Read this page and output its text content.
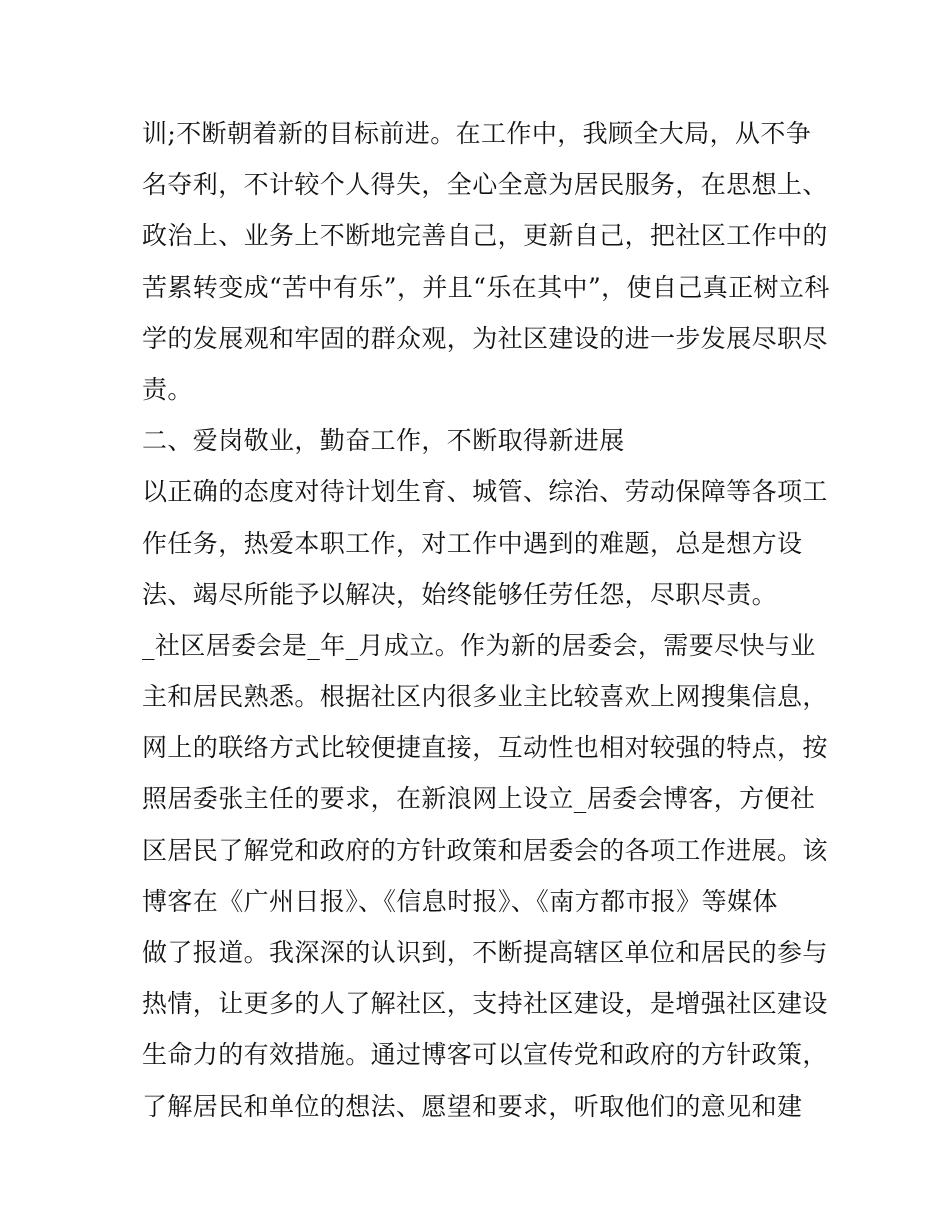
训;不断朝着新的目标前进。在工作中，我顾全大局，从不争
名夺利，不计较个人得失，全心全意为居民服务，在思想上、
政治上、业务上不断地完善自己，更新自己，把社区工作中的
苦累转变成“苦中有乐”，并且“乐在其中”，使自己真正树立科
学的发展观和牢固的群众观，为社区建设的进一步发展尽职尽
责。
二、爱岗敬业，勤奋工作，不断取得新进展
以正确的态度对待计划生育、城管、综治、劳动保障等各项工
作任务，热爱本职工作，对工作中遇到的难题，总是想方设
法、竭尽所能予以解决，始终能够任劳任怨，尽职尽责。
_社区居委会是_年_月成立。作为新的居委会，需要尽快与业
主和居民熟悉。根据社区内很多业主比较喜欢上网搜集信息，
网上的联络方式比较便捷直接，互动性也相对较强的特点，按
照居委张主任的要求，在新浪网上设立_居委会博客，方便社
区居民了解党和政府的方针政策和居委会的各项工作进展。该
博客在《广州日报》、《信息时报》、《南方都市报》等媒体
做了报道。我深深的认识到，不断提高辖区单位和居民的参与
热情，让更多的人了解社区，支持社区建设，是增强社区建设
生命力的有效措施。通过博客可以宣传党和政府的方针政策，
了解居民和单位的想法、愿望和要求，听取他们的意见和建
